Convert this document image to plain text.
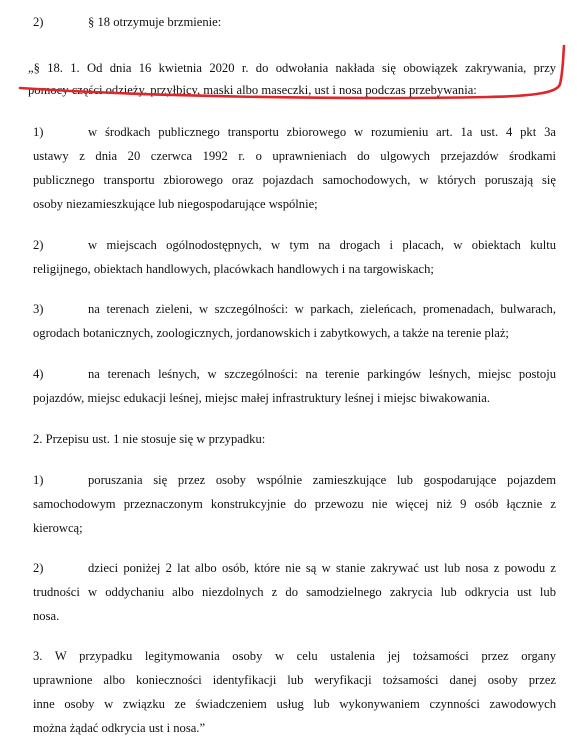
2)	§ 18 otrzymuje brzmienie:
„§ 18. 1. Od dnia 16 kwietnia 2020 r. do odwołania nakłada się obowiązek zakrywania, przy
pomocy części odzieży, przyłbicy, maski albo maseczki, ust i nosa podczas przebywania:
1)	w środkach publicznego transportu zbiorowego w rozumieniu art. 1a ust. 4 pkt 3a
ustawy z dnia 20 czerwca 1992 r. o uprawnieniach do ulgowych przejazdów środkami
publicznego transportu zbiorowego oraz pojazdach samochodowych, w których poruszają się
osoby niezamieszkujące lub niegospodarujące wspólnie;
2)	w miejscach ogólnodostępnych, w tym na drogach i placach, w obiektach kultu
religijnego, obiektach handlowych, placówkach handlowych i na targowiskach;
3)	na terenach zieleni, w szczególności: w parkach, zieleńcach, promenadach, bulwarach,
ogrodach botanicznych, zoologicznych, jordanowskich i zabytkowych, a także na terenie plaż;
4)	na terenach leśnych, w szczególności: na terenie parkingów leśnych, miejsc postoju
pojazdów, miejsc edukacji leśnej, miejsc małej infrastruktury leśnej i miejsc biwakowania.
2. Przepisu ust. 1 nie stosuje się w przypadku:
1)	poruszania się przez osoby wspólnie zamieszkujące lub gospodarujące pojazdem
samochodowym przeznaczonym konstrukcyjnie do przewozu nie więcej niż 9 osób łącznie z
kierowcą;
2)	dzieci poniżej 2 lat albo osób, które nie są w stanie zakrywać ust lub nosa z powodu z
trudności w oddychaniu albo niezdolnych z do samodzielnego zakrycia lub odkrycia ust lub
nosa.
3. W przypadku legitymowania osoby w celu ustalenia jej tożsamości przez organy
uprawnione albo konieczności identyfikacji lub weryfikacji tożsamości danej osoby przez
inne osoby w związku ze świadczeniem usług lub wykonywaniem czynności zawodowych
można żądać odkrycia ust i nosa.”
